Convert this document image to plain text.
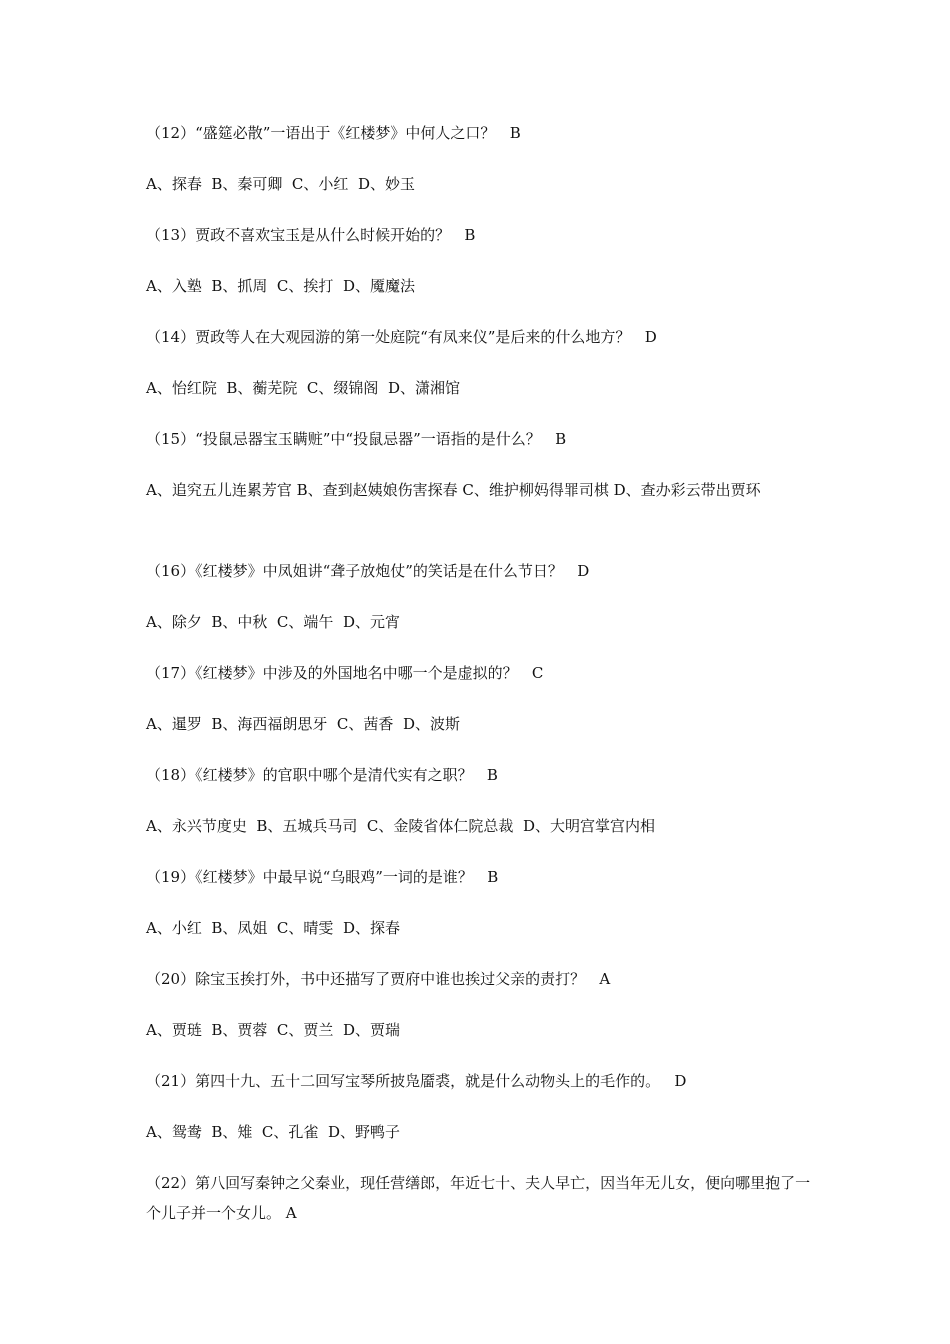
（12）“盛筵必散”一语出于《红楼梦》中何人之口？   B
A、探春  B、秦可卿  C、小红  D、妙玉
（13）贾政不喜欢宝玉是从什么时候开始的？   B
A、入塾  B、抓周  C、挨打  D、魇魔法
（14）贾政等人在大观园游的第一处庭院“有凤来仪”是后来的什么地方？   D
A、怡红院  B、蘅芜院  C、缀锦阁  D、潇湘馆
（15）“投鼠忌器宝玉瞒赃”中“投鼠忌器”一语指的是什么？   B
A、追究五儿连累芳官 B、查到赵姨娘伤害探春 C、维护柳妈得罪司棋 D、查办彩云带出贾环
（16）《红楼梦》中凤姐讲“聋子放炮仗”的笑话是在什么节日？   D
A、除夕  B、中秋  C、端午  D、元宵
（17）《红楼梦》中涉及的外国地名中哪一个是虚拟的？   C
A、暹罗  B、海西福朗思牙  C、茜香  D、波斯
（18）《红楼梦》的官职中哪个是清代实有之职？   B
A、永兴节度史  B、五城兵马司  C、金陵省体仁院总裁  D、大明宫掌宫内相
（19）《红楼梦》中最早说“乌眼鸡”一词的是谁？   B
A、小红  B、凤姐  C、晴雯  D、探春
（20）除宝玉挨打外，书中还描写了贾府中谁也挨过父亲的责打？   A
A、贾琏  B、贾蓉  C、贾兰  D、贾瑞
（21）第四十九、五十二回写宝琴所披凫靥裘，就是什么动物头上的毛作的。   D
A、鸳鸯  B、雉  C、孔雀  D、野鸭子
（22）第八回写秦钟之父秦业，现任营缮郎，年近七十、夫人早亡，因当年无儿女，便向哪里抱了一个儿子并一个女儿。 A
